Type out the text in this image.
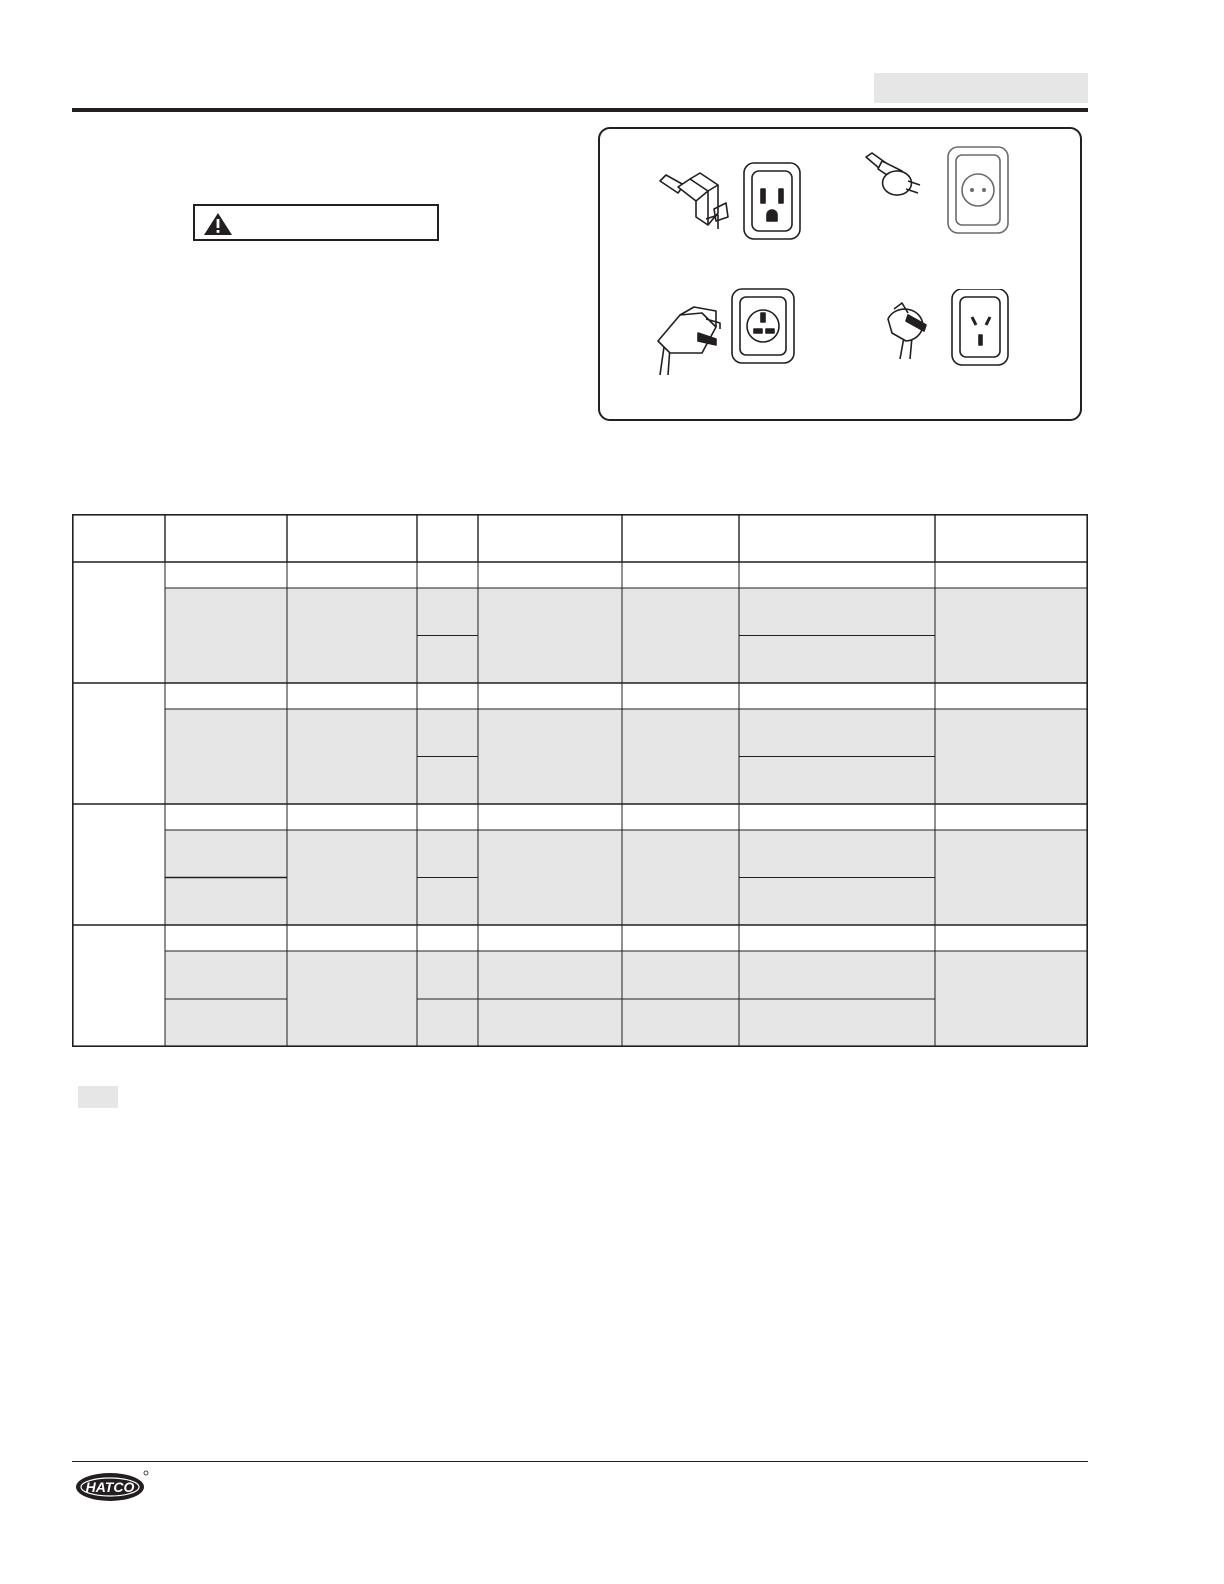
HATCO
